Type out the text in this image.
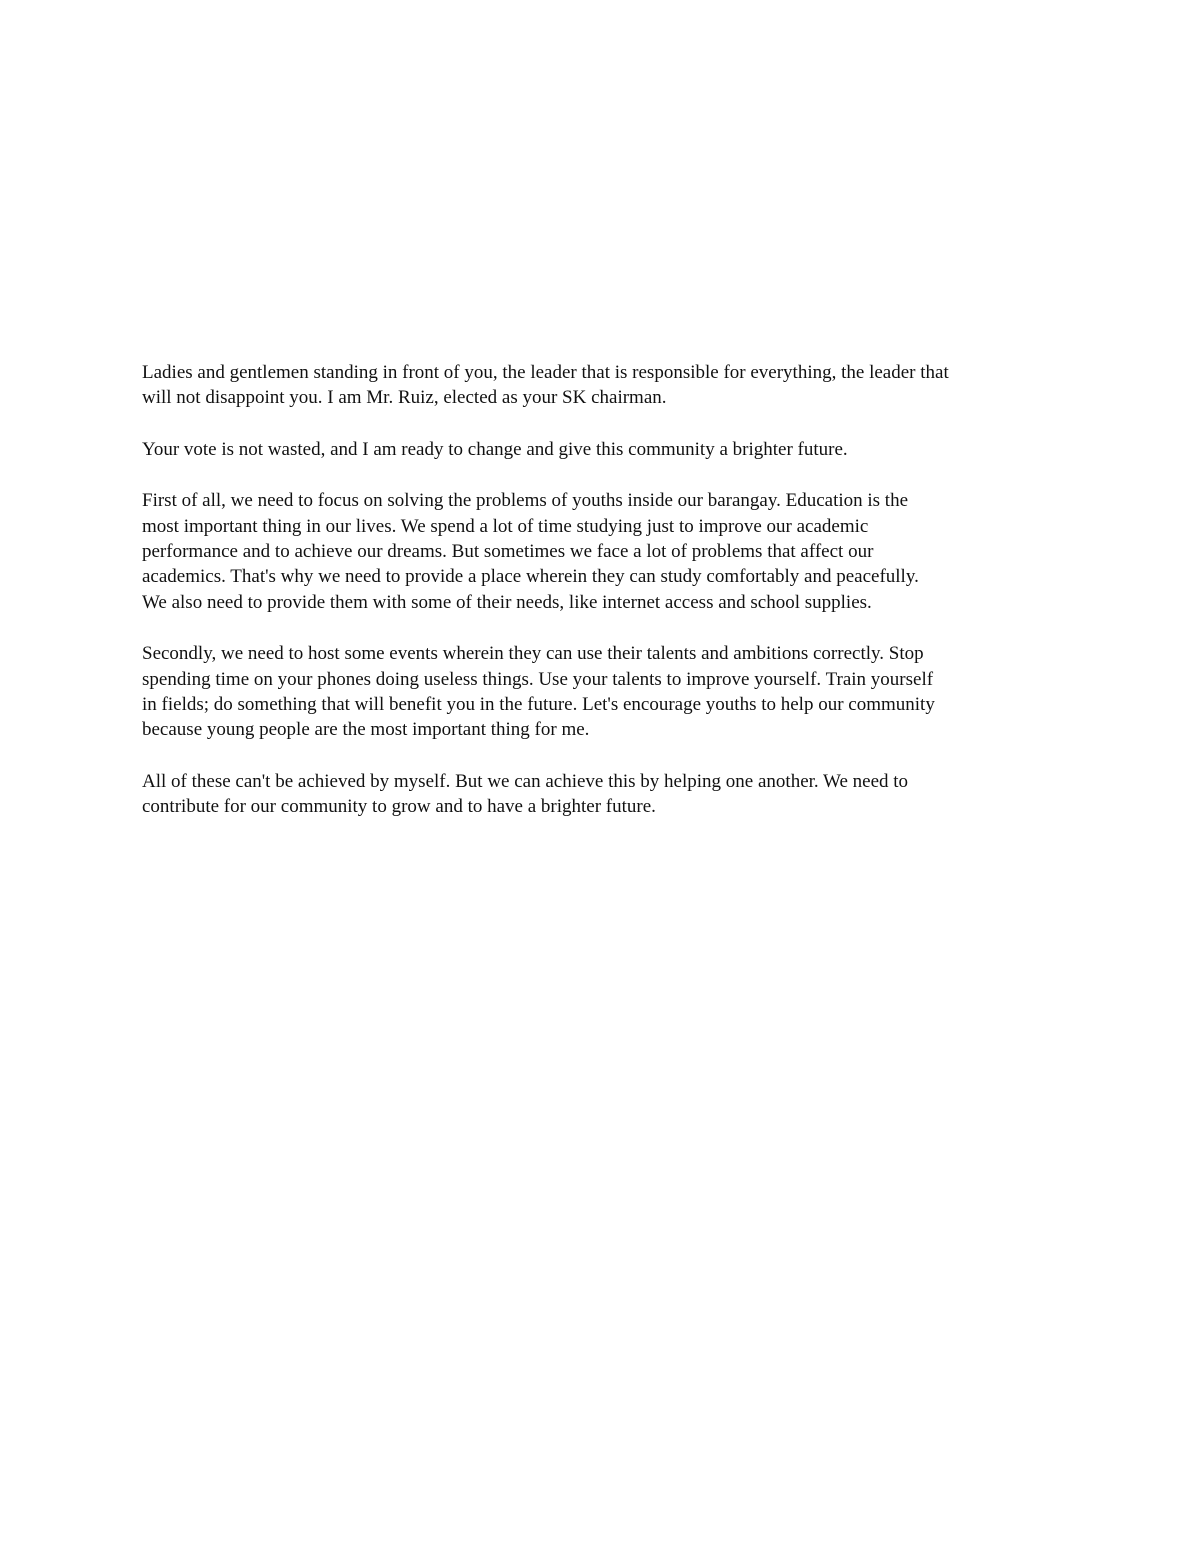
Ladies and gentlemen standing in front of you, the leader that is responsible for everything, the leader that
will not disappoint you. I am Mr. Ruiz, elected as your SK chairman.

Your vote is not wasted, and I am ready to change and give this community a brighter future.

First of all, we need to focus on solving the problems of youths inside our barangay. Education is the
most important thing in our lives. We spend a lot of time studying just to improve our academic
performance and to achieve our dreams. But sometimes we face a lot of problems that affect our
academics. That's why we need to provide a place wherein they can study comfortably and peacefully.
We also need to provide them with some of their needs, like internet access and school supplies.

Secondly, we need to host some events wherein they can use their talents and ambitions correctly. Stop
spending time on your phones doing useless things. Use your talents to improve yourself. Train yourself
in fields; do something that will benefit you in the future. Let's encourage youths to help our community
because young people are the most important thing for me.

All of these can't be achieved by myself. But we can achieve this by helping one another. We need to
contribute for our community to grow and to have a brighter future.
